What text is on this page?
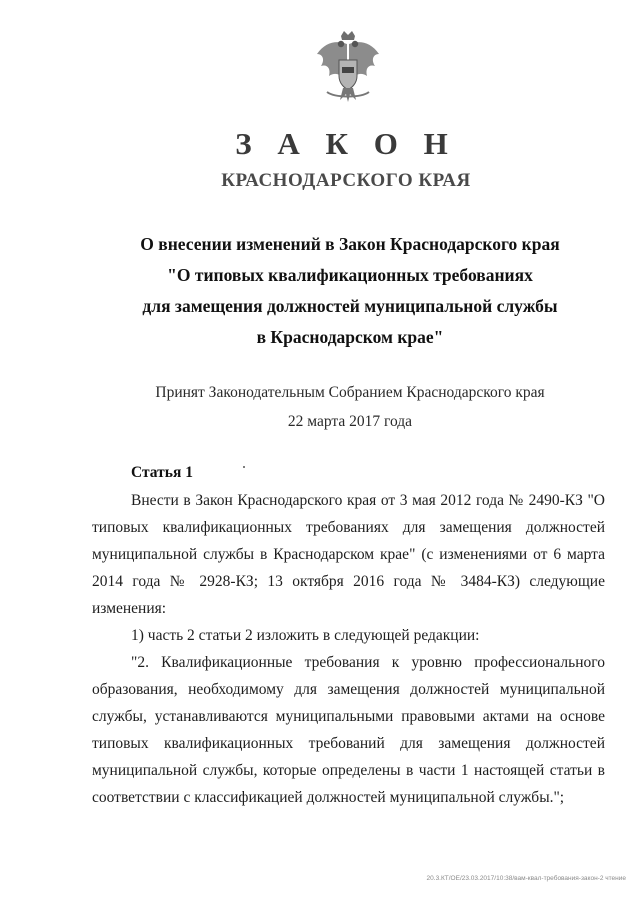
З А К О Н
КРАСНОДАРСКОГО КРАЯ
О внесении изменений в Закон Краснодарского края
"О типовых квалификационных требованиях
для замещения должностей муниципальной службы
в Краснодарском крае"
Принят Законодательным Собранием Краснодарского края
22 марта 2017 года
Статья 1

Внести в Закон Краснодарского края от 3 мая 2012 года № 2490-КЗ "О типовых квалификационных требованиях для замещения должностей муниципальной службы в Краснодарском крае" (с изменениями от 6 марта 2014 года № 2928-КЗ; 13 октября 2016 года № 3484-КЗ) следующие изменения:

1) часть 2 статьи 2 изложить в следующей редакции:

"2. Квалификационные требования к уровню профессионального образования, необходимому для замещения должностей муниципальной службы, устанавливаются муниципальными правовыми актами на основе типовых квалификационных требований для замещения должностей муниципальной службы, которые определены в части 1 настоящей статьи в соответствии с классификацией должностей муниципальной службы.";

20.3.КТ/ОЕ/23.03.2017/10:38/вам-квал-требования-закон-2 чтение
